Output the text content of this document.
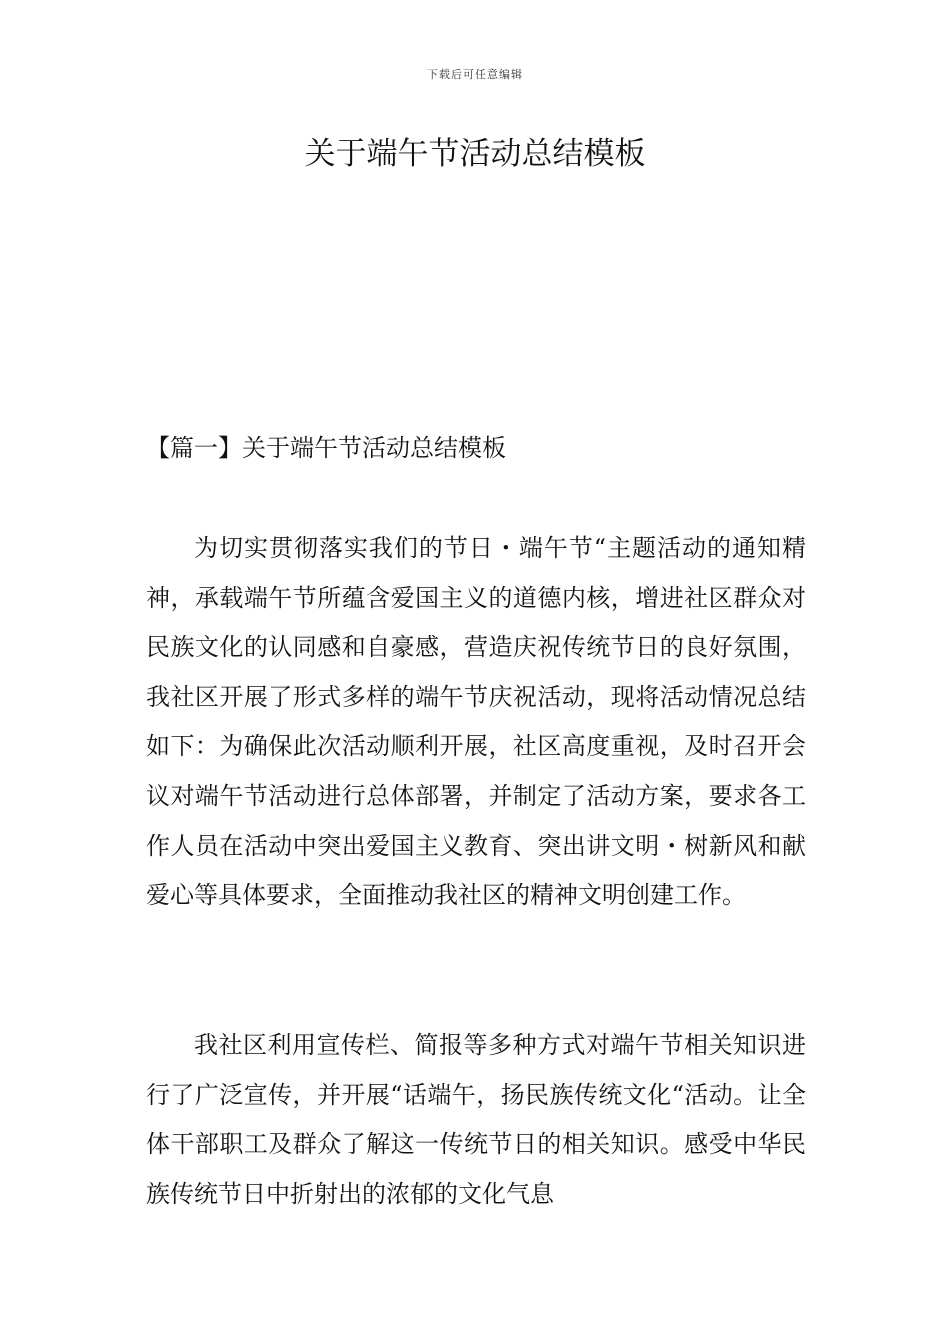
下载后可任意编辑
关于端午节活动总结模板
【篇一】关于端午节活动总结模板

为切实贯彻落实我们的节日・端午节“主题活动的通知精神，承载端午节所蕴含爱国主义的道德内核，增进社区群众对民族文化的认同感和自豪感，营造庆祝传统节日的良好氛围，我社区开展了形式多样的端午节庆祝活动，现将活动情况总结如下：为确保此次活动顺利开展，社区高度重视，及时召开会议对端午节活动进行总体部署，并制定了活动方案，要求各工作人员在活动中突出爱国主义教育、突出讲文明・树新风和献爱心等具体要求，全面推动我社区的精神文明创建工作。

我社区利用宣传栏、简报等多种方式对端午节相关知识进行了广泛宣传，并开展“话端午，扬民族传统文化“活动。让全体干部职工及群众了解这一传统节日的相关知识。感受中华民族传统节日中折射出的浓郁的文化气息
